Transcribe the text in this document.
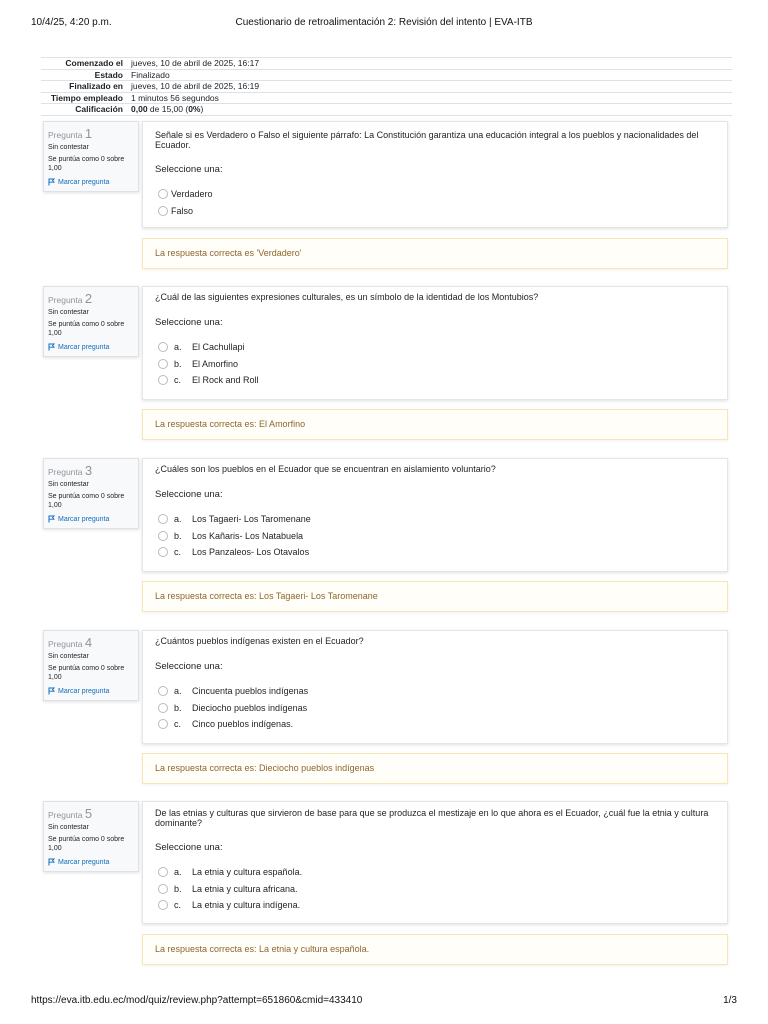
10/4/25, 4:20 p.m.	Cuestionario de retroalimentación 2: Revisión del intento | EVA-ITB
Comenzado el	jueves, 10 de abril de 2025, 16:17
Estado	Finalizado
Finalizado en	jueves, 10 de abril de 2025, 16:19
Tiempo empleado	1 minutos 56 segundos
Calificación	0,00 de 15,00 (0%)
Pregunta 1
Sin contestar
Se puntúa como 0 sobre 1,00
Marcar pregunta
Señale si es Verdadero o Falso el siguiente párrafo: La Constitución garantiza una educación integral a los pueblos y nacionalidades del Ecuador.
Seleccione una:
Verdadero
Falso
La respuesta correcta es 'Verdadero'
Pregunta 2
Sin contestar
Se puntúa como 0 sobre 1,00
Marcar pregunta
¿Cuál de las siguientes expresiones culturales, es un símbolo de la identidad de los Montubios?
Seleccione una:
a.	El Cachullapi
b.	El Amorfino
c.	El Rock and Roll
La respuesta correcta es: El Amorfino
Pregunta 3
Sin contestar
Se puntúa como 0 sobre 1,00
Marcar pregunta
¿Cuáles son los pueblos en el Ecuador que se encuentran en aislamiento voluntario?
Seleccione una:
a.	Los Tagaeri- Los Taromenane
b.	Los Kañaris- Los Natabuela
c.	Los Panzaleos- Los Otavalos
La respuesta correcta es: Los Tagaeri- Los Taromenane
Pregunta 4
Sin contestar
Se puntúa como 0 sobre 1,00
Marcar pregunta
¿Cuántos pueblos indígenas existen en el Ecuador?
Seleccione una:
a.	Cincuenta pueblos indígenas
b.	Dieciocho pueblos indígenas
c.	Cinco pueblos indígenas.
La respuesta correcta es: Dieciocho pueblos indígenas
Pregunta 5
Sin contestar
Se puntúa como 0 sobre 1,00
Marcar pregunta
De las etnias y culturas que sirvieron de base para que se produzca el mestizaje en lo que ahora es el Ecuador, ¿cuál fue la etnia y cultura dominante?
Seleccione una:
a.	La etnia y cultura española.
b.	La etnia y cultura africana.
c.	La etnia y cultura indígena.
La respuesta correcta es: La etnia y cultura española.
https://eva.itb.edu.ec/mod/quiz/review.php?attempt=651860&cmid=433410	1/3
